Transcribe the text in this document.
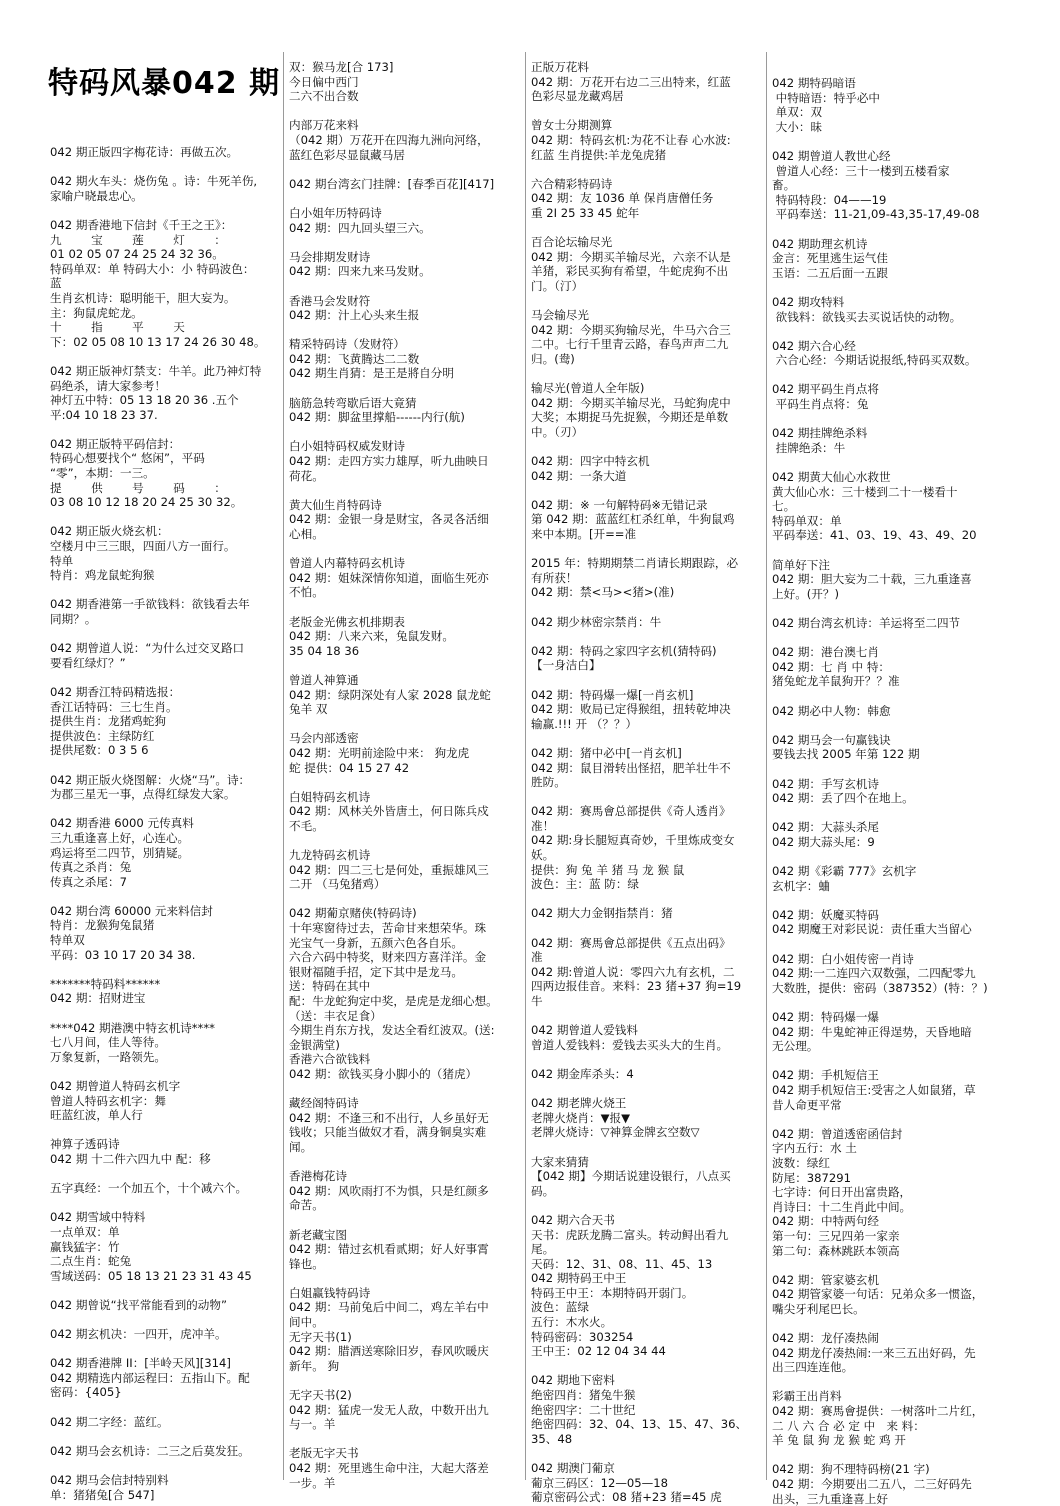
特码风暴042 期
042 期正版四字梅花诗：再做五次。

042 期火车头：烧伤兔 。诗：牛死羊伤,
家喻户晓最忠心。

042 期香港地下信封《千王之王》：
九        宝        莲        灯        ：
01 02 05 07 24 25 24 32 36。
特码单双：单 特码大小：小 特码波色：
蓝
生肖玄机诗：聪明能干，胆大妄为。
主：狗鼠虎蛇龙。
十        指        平        天
下：02 05 08 10 13 17 24 26 30 48。

042 期正版神灯禁支：牛羊。此乃神灯特
码绝杀，请大家参考！
神灯五中特：05 13 18 20 36 .五个
平:04 10 18 23 37.

042 期正版特平码信封：
特码心想要找个“ 悠闲”，平码
“零”，本期：一三。
提        供        号        码        ：
03 08 10 12 18 20 24 25 30 32。

042 期正版火烧玄机：
空楼月中三三眼，四面八方一面行。
特单
特肖：鸡龙鼠蛇狗猴

042 期香港第一手欲钱料：欲钱看去年
同期？。

042 期曾道人说：“为什么过交叉路口
要看红绿灯？”

042 期香江特码精选报：
香江话特码：三七生肖。
提供生肖：龙猪鸡蛇狗
提供波色：主绿防红
提供尾数：0 3 5 6

042 期正版火烧图解：火烧“马”。诗：
为郡三星无一事，点得红绿发大家。

042 期香港 6000 元传真料
三九重逢喜上好，心连心。
鸡运将至二四节，別猜疑。
传真之杀肖：兔
传真之杀尾：7

042 期台湾 60000 元来料信封
特肖：龙猴狗兔鼠猪
特单双
平码：03 10 17 20 34 38.

*******特码料******
042 期：招财进宝

****042 期港澳中特玄机诗****
七八月间，佳人等待。
万象复新，一路领先。

042 期曾道人特码玄机字
曾道人特码玄机字：舞
旺蓝红波，单人行

神算子透码诗
042 期 十二件六四九中 配：移

五字真经：一个加五个，十个减六个。

042 期雪域中特料
一点单双：单
赢钱猛字：竹
二点生肖：蛇兔
雪域送码：05 18 13 21 23 31 43 45

042 期曾说“找平常能看到的动物”

042 期玄机决：一四开，虎冲羊。

042 期香港牌 II：[半岭天风][314]
042 期精选内部运程曰：五指山下。配
密码：{405}

042 期二字经：蓝红。

042 期马会玄机诗：二三之后莫发狂。

042 期马会信封特别料
单：猪猪兔[合 547]
双：猴马龙[合 173]
今日偏中西门
二六不出合数

内部万花来料
（042 期）万花开在四海九洲向河络，
蓝红色彩尽显鼠藏马居

042 期台湾玄门挂牌：[春季百花][417]

白小姐年历特码诗
042 期：四九回头望三六。

马会排期发财诗
042 期：四来九来马发财。

香港马会发财符
042 期：汁上心头来生报

精采特码诗（发财符）
042 期：飞黄腾达二二数
042 期生肖猜：是王是將自分明

脑筋急转弯歇后语大竟猜
042 期：脚盆里撑船------内行(航)

白小姐特码权威发财诗
042 期：走四方实力雄厚，听九曲映日
荷花。

黄大仙生肖特码诗
042 期：金银一身是财宝，各灵各活细
心相。

曾道人内幕特码玄机诗
042 期：姐妹深情你知道，面临生死亦
不怕。

老版金光佛玄机排期表
042 期：八来六来，兔鼠发财。
35 04 18 36

曾道人神算通
042 期：绿阴深处有人家 2028 鼠龙蛇
兔羊 双

马会内部透密
042 期：光明前途险中来： 狗龙虎
蛇 提供：04 15 27 42

白姐特码玄机诗
042 期：风林关外皆唐土，何日陈兵戍
不毛。

九龙特码玄机诗
042 期：四二三七是何处，重振雄风三
二开 （马兔猪鸡）

042 期葡京赌侠(特码诗)
十年寒窗待过去，苦命甘来想荣华。珠
光宝气一身新，五颜六色各自乐。
六合六码中特奖，财来四方喜洋洋。金
银财福随手招，定下其中是龙马。
送：特码在其中
配：牛龙蛇狗定中奖，是虎是龙细心想。
（送：丰衣足食）
今期生肖东方找，发达全看红波双。(送:
金银满堂)
香港六合欲钱料
042 期：欲钱买身小脚小的（猪虎）

藏经阁特码诗
042 期：不逢三和不出行，人乡虽好无
钱收；只能当做奴才看，满身铜臭实难
闻。

香港梅花诗
042 期：风吹雨打不为惧，只是红颜多
命苦。

新老藏宝图
042 期：错过玄机看贰期；好人好事霄
锋也。

白姐赢钱特码诗
042 期：马前兔后中间二，鸡左羊右中
间中。
无字天书(1)
042 期：腊酒送寒除旧岁，春风吹暖庆
新年。 狗

无字天书(2)
042 期：猛虎一发无人敌，中数开出九
与一。羊

老版无字天书
042 期：死里逃生命中注，大起大落差
一步。羊
正版万花料
042 期：万花开右边二三出特来，红蓝
色彩尽显龙藏鸡居

曾女士分期测算
042 期：特码玄机:为花不让春 心水波:
红蓝 生肖提供:羊龙兔虎猪

六合精彩特码诗
042 期：友 1036 单 保肖唐僧任务
重 2I 25 33 45 蛇年

百合论坛输尽光
042 期：今期买羊输尽光，六亲不认是
羊猪，彩民买狗有希望，牛蛇虎狗不出
门。（汀）

马会输尽光
042 期：今期买狗输尽光，牛马六合三
二中。七行千里青云路，春鸟声声二九
归。(鸯)

输尽光(曾道人全年版)
042 期：今期买羊输尽光，马蛇狗虎中
大奖；本期捉马先捉猴，今期还是单数
中。（刃）

042 期：四字中特玄机
042 期：一条大道

042 期：※ 一句解特码※无错记录
第 042 期：蓝蓝红杠杀红单，牛狗鼠鸡
来中本期。[开==准

2015 年：特期期禁二肖请长期跟踪，必
有所获！
042 期：禁<马><猪>(准)

042 期少林密宗禁肖：牛

042 期：特码之家四字玄机(猜特码)
【一身洁白】

042 期：特码爆一爆[一肖玄机]
042 期：败局已定得猴组，扭转乾坤决
输赢.!!! 开 （？？）

042 期：猪中必中[一肖玄机]
042 期：鼠目滑转出怪招，肥羊壮牛不
胜防。

042 期：赛馬會总部提供《奇人透肖》
准！
042 期:身长腿短真奇妙，千里炼成变女
妖。
提供：狗 兔 羊 猪 马 龙 猴 鼠
波色：主：蓝 防：绿

042 期大力金钢指禁肖：猪

042 期：赛馬會总部提供《五点出码》
准
042 期:曾道人说：零四六九有玄机，二
四两边报佳音。来料：23 猪+37 狗=19
牛

042 期曾道人爱钱料
曾道人爱钱料：爱钱去买头大的生肖。

042 期金库杀头：4

042 期老牌火烧王
老牌火烧肖：▼报▼
老牌火烧诗：▽神算金牌玄空数▽

大家来猜猜
【042 期】今期话说建设银行，八点买
码。

042 期六合天书
天书：虎跃龙腾二富头。转动鲟出看九
尾。
天码：12、31、08、11、45、13
042 期特码王中王
特码王中王：本期特码开弱门。
波色：蓝绿
五行：木水火。
特码密码：303254
王中王：02 12 04 34 44

042 期地下密料
绝密四肖：猪兔牛猴
绝密四字：二十世纪
绝密四码：32、04、13、15、47、36、
35、48

042 期澳门葡京
葡京三码区：12—05—18
葡京密码公式：08 猪+23 猪=45 虎
042 期特码暗语
中特暗语：特乎必中
单双：双
大小：昧

042 期曾道人教世心经
曾道人心经：三十一楼到五楼看家
畜。
特码特段：04——19
平码奉送：11-21,09-43,35-17,49-08

042 期助理玄机诗
金言：死里逃生运气佳
玉语：二五后面一五跟

042 期攻特料
欲钱料：欲钱买去买说话快的动物。

042 期六合心经
六合心经：今期话说报纸,特码买双数。

042 期平码生肖点将
平码生肖点将：兔

042 期挂牌绝杀料
挂牌绝杀：牛

042 期黄大仙心水救世
黄大仙心水：三十楼到二十一楼看十
七。
特码单双：单
平码奉送：41、03、19、43、49、20

简单好下注
042 期：胆大妄为二十载，三九重逢喜
上好。(开？)

042 期台湾玄机诗：羊运将至二四节

042 期：港台澳七肖
042 期：七 肖 中 特：
猪兔蛇龙羊鼠狗开？？准

042 期必中人物：韩愈

042 期马会一句赢钱诀
要钱去找 2005 年第 122 期

042 期：手写玄机诗
042 期：丢了四个在地上。

042 期：大蒜头杀尾
042 期大蒜头尾：9

042 期《彩霸 777》玄机字
玄机字：蛐

042 期：妖魔买特码
042 期魔王对彩民说：责任重大当留心

042 期：白小姐传密一肖诗
042 期:一二连四六双数强，二四配零九
大数胜，提供：密码（387352）(特：？)

042 期：特码爆一爆
042 期：牛鬼蛇神正得逞势，天昏地暗
无公理。

042 期：手机短信王
042 期手机短信王:受害之人如鼠猪，草
昔人命更平常

042 期：曾道透密函信封
字内五行：水 土
波数：绿红
防尾：387291
七字诗：何日开出富贵路，
肖诗曰：十二生肖此中间。
042 期：中特两句经
第一句：三兄四弟一家亲
第二句：森林跳跃本领高

042 期：管家婆玄机
042 期管家婆一句话：兄弟众多一惯盗，
嘴尖牙利尾巴长。

042 期：龙仔凑热闹
042 期龙仔凑热闹:一来三五出好码，先
出三四连连他。

彩霸王出肖料
042 期：赛馬會提供：一树落叶二片红，
二 八 六 合 必 定 中   来 料：
羊 兔 鼠 狗 龙 猴 蛇 鸡 开

042 期：狗不理特码榜(21 字)
042 期：今期要出二五八，二三好码先
出头，三九重逢喜上好
